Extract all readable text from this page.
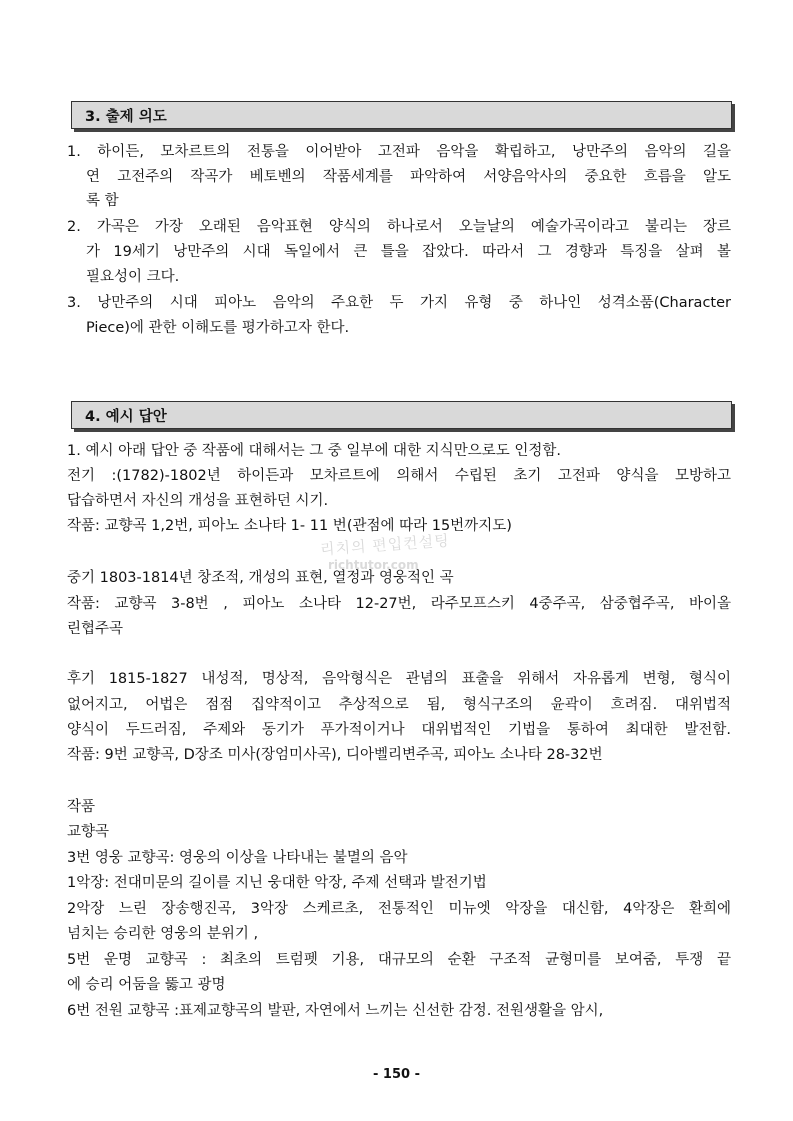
3. 출제 의도
1. 하이든, 모차르트의 전통을 이어받아 고전파 음악을 확립하고, 낭만주의 음악의 길을
연 고전주의 작곡가 베토벤의 작품세계를 파악하여 서양음악사의 중요한 흐름을 알도
록 함
2. 가곡은 가장 오래된 음악표현 양식의 하나로서 오늘날의 예술가곡이라고 불리는 장르
가 19세기 낭만주의 시대 독일에서 큰 틀을 잡았다. 따라서 그 경향과 특징을 살펴 볼
필요성이 크다.
3. 낭만주의 시대 피아노 음악의 주요한 두 가지 유형 중 하나인 성격소품(Character
Piece)에 관한 이해도를 평가하고자 한다.
4. 예시 답안
1. 예시 아래 답안 중 작품에 대해서는 그 중 일부에 대한 지식만으로도 인정함.
전기 :(1782)-1802년 하이든과 모차르트에 의해서 수립된 초기 고전파 양식을 모방하고
답습하면서 자신의 개성을 표현하던 시기.
작품: 교향곡 1,2번, 피아노 소나타 1- 11 번(관점에 따라 15번까지도)
중기 1803-1814년 창조적, 개성의 표현, 열정과 영웅적인 곡
작품: 교향곡 3-8번 , 피아노 소나타 12-27번, 라주모프스키 4중주곡, 삼중협주곡, 바이올
린협주곡
후기 1815-1827 내성적, 명상적, 음악형식은 관념의 표출을 위해서 자유롭게 변형, 형식이
없어지고, 어법은 점점 집약적이고 추상적으로 됨, 형식구조의 윤곽이 흐려짐. 대위법적
양식이 두드러짐, 주제와 동기가 푸가적이거나 대위법적인 기법을 통하여 최대한 발전함.
작품: 9번 교향곡, D장조 미사(장엄미사곡), 디아벨리변주곡, 피아노 소나타 28-32번
작품
교향곡
3번 영웅 교향곡: 영웅의 이상을 나타내는 불멸의 음악
1악장: 전대미문의 길이를 지닌 웅대한 악장, 주제 선택과 발전기법
2악장 느린 장송행진곡, 3악장 스케르초, 전통적인 미뉴엣 악장을 대신함, 4악장은 환희에
넘치는 승리한 영웅의 분위기 ,
5번 운명 교향곡 : 최초의 트럼펫 기용, 대규모의 순환 구조적 균형미를 보여줌, 투쟁 끝
에 승리 어둠을 뚫고 광명
6번 전원 교향곡 :표제교향곡의 발판, 자연에서 느끼는 신선한 감정. 전원생활을 암시,
리치의 편입컨설팅
richtutor.com
- 150 -
